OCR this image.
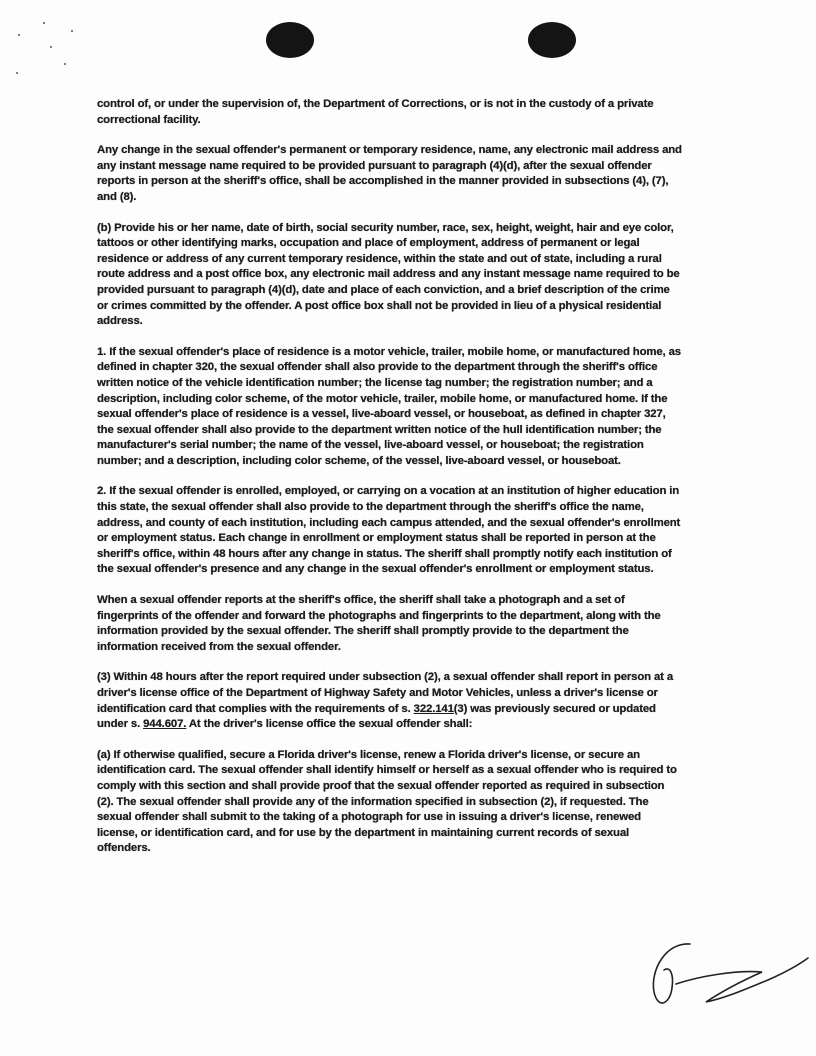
control of, or under the supervision of, the Department of Corrections, or is not in the custody of a private correctional facility.

Any change in the sexual offender's permanent or temporary residence, name, any electronic mail address and any instant message name required to be provided pursuant to paragraph (4)(d), after the sexual offender reports in person at the sheriff's office, shall be accomplished in the manner provided in subsections (4), (7), and (8).

(b) Provide his or her name, date of birth, social security number, race, sex, height, weight, hair and eye color, tattoos or other identifying marks, occupation and place of employment, address of permanent or legal residence or address of any current temporary residence, within the state and out of state, including a rural route address and a post office box, any electronic mail address and any instant message name required to be provided pursuant to paragraph (4)(d), date and place of each conviction, and a brief description of the crime or crimes committed by the offender. A post office box shall not be provided in lieu of a physical residential address.

1. If the sexual offender's place of residence is a motor vehicle, trailer, mobile home, or manufactured home, as defined in chapter 320, the sexual offender shall also provide to the department through the sheriff's office written notice of the vehicle identification number; the license tag number; the registration number; and a description, including color scheme, of the motor vehicle, trailer, mobile home, or manufactured home. If the sexual offender's place of residence is a vessel, live-aboard vessel, or houseboat, as defined in chapter 327, the sexual offender shall also provide to the department written notice of the hull identification number; the manufacturer's serial number; the name of the vessel, live-aboard vessel, or houseboat; the registration number; and a description, including color scheme, of the vessel, live-aboard vessel, or houseboat.

2. If the sexual offender is enrolled, employed, or carrying on a vocation at an institution of higher education in this state, the sexual offender shall also provide to the department through the sheriff's office the name, address, and county of each institution, including each campus attended, and the sexual offender's enrollment or employment status. Each change in enrollment or employment status shall be reported in person at the sheriff's office, within 48 hours after any change in status. The sheriff shall promptly notify each institution of the sexual offender's presence and any change in the sexual offender's enrollment or employment status.

When a sexual offender reports at the sheriff's office, the sheriff shall take a photograph and a set of fingerprints of the offender and forward the photographs and fingerprints to the department, along with the information provided by the sexual offender. The sheriff shall promptly provide to the department the information received from the sexual offender.

(3) Within 48 hours after the report required under subsection (2), a sexual offender shall report in person at a driver's license office of the Department of Highway Safety and Motor Vehicles, unless a driver's license or identification card that complies with the requirements of s. 322.141(3) was previously secured or updated under s. 944.607. At the driver's license office the sexual offender shall:

(a) If otherwise qualified, secure a Florida driver's license, renew a Florida driver's license, or secure an identification card. The sexual offender shall identify himself or herself as a sexual offender who is required to comply with this section and shall provide proof that the sexual offender reported as required in subsection (2). The sexual offender shall provide any of the information specified in subsection (2), if requested. The sexual offender shall submit to the taking of a photograph for use in issuing a driver's license, renewed license, or identification card, and for use by the department in maintaining current records of sexual offenders.
